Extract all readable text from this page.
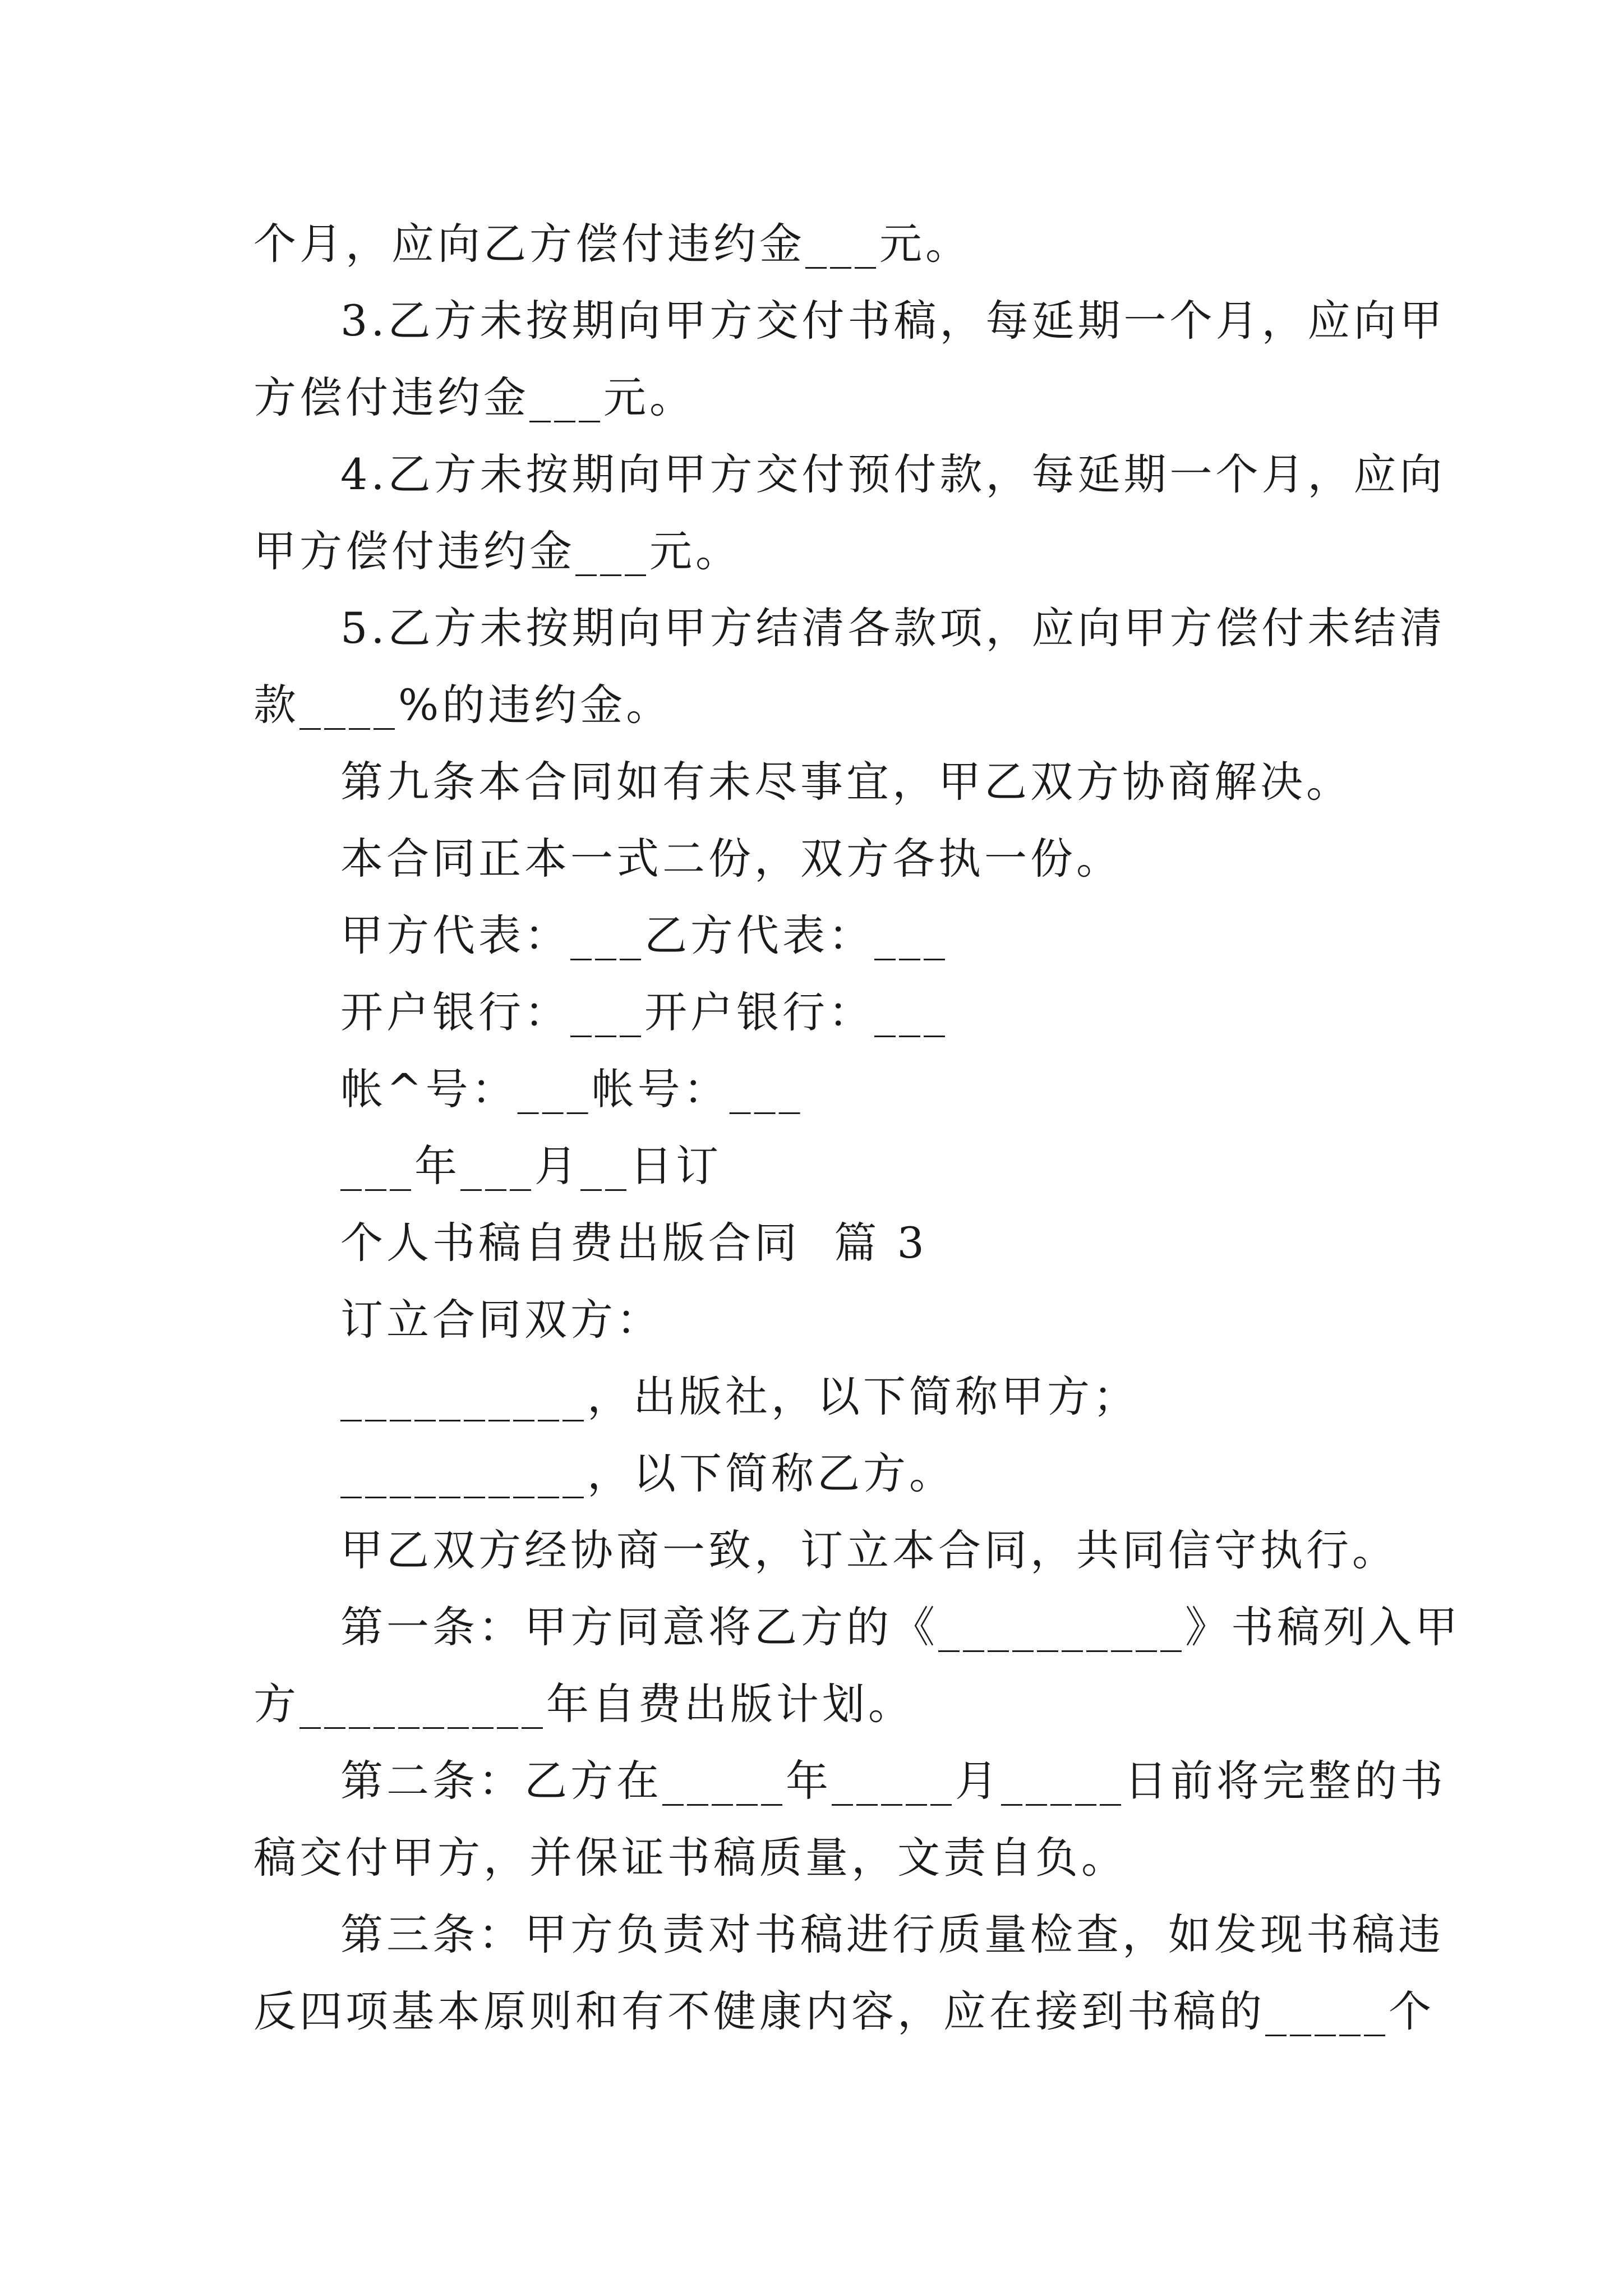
个月，应向乙方偿付违约金___元。
3.乙方未按期向甲方交付书稿，每延期一个月，应向甲
方偿付违约金___元。
4.乙方未按期向甲方交付预付款，每延期一个月，应向
甲方偿付违约金___元。
5.乙方未按期向甲方结清各款项，应向甲方偿付未结清
款____%的违约金。
第九条本合同如有未尽事宜，甲乙双方协商解决。
本合同正本一式二份，双方各执一份。
甲方代表：___乙方代表：___
开户银行：___开户银行：___
帐^号：___帐号：___
___年___月__日订
个人书稿自费出版合同  篇 3
订立合同双方：
__________，出版社，以下简称甲方；
__________，以下简称乙方。
甲乙双方经协商一致，订立本合同，共同信守执行。
第一条：甲方同意将乙方的《__________》书稿列入甲
方__________年自费出版计划。
第二条：乙方在_____年_____月_____日前将完整的书
稿交付甲方，并保证书稿质量，文责自负。
第三条：甲方负责对书稿进行质量检查，如发现书稿违
反四项基本原则和有不健康内容，应在接到书稿的_____个
